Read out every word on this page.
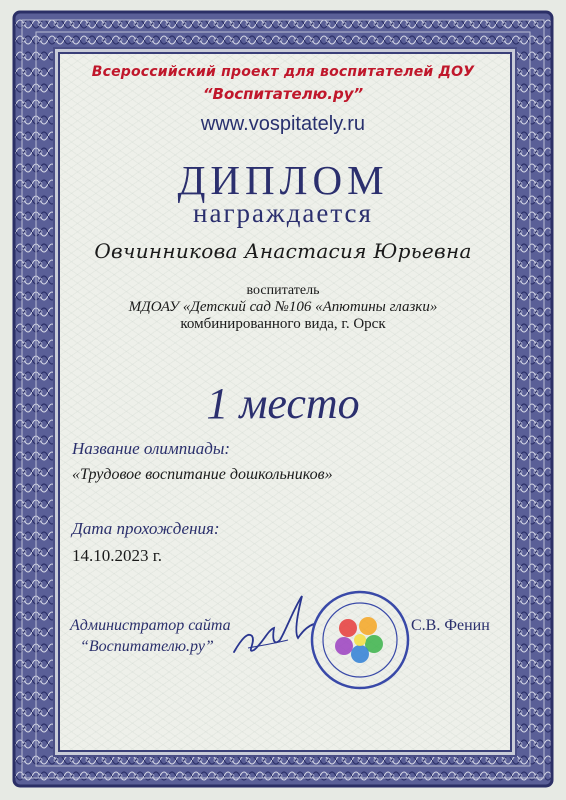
Всероссийский проект для воспитателей ДОУ
“Воспитателю.ру”
www.vospitately.ru
ДИПЛОМ
награждается
Овчинникова Анастасия Юрьевна
воспитатель
МДОАУ «Детский сад №106 «Апютины глазки»
комбинированного вида, г. Орск
1 место
Название олимпиады:
«Трудовое воспитание дошкольников»
Дата прохождения:
14.10.2023 г.
Администратор сайта
“Воспитателю.ру”
С.В. Фенин
